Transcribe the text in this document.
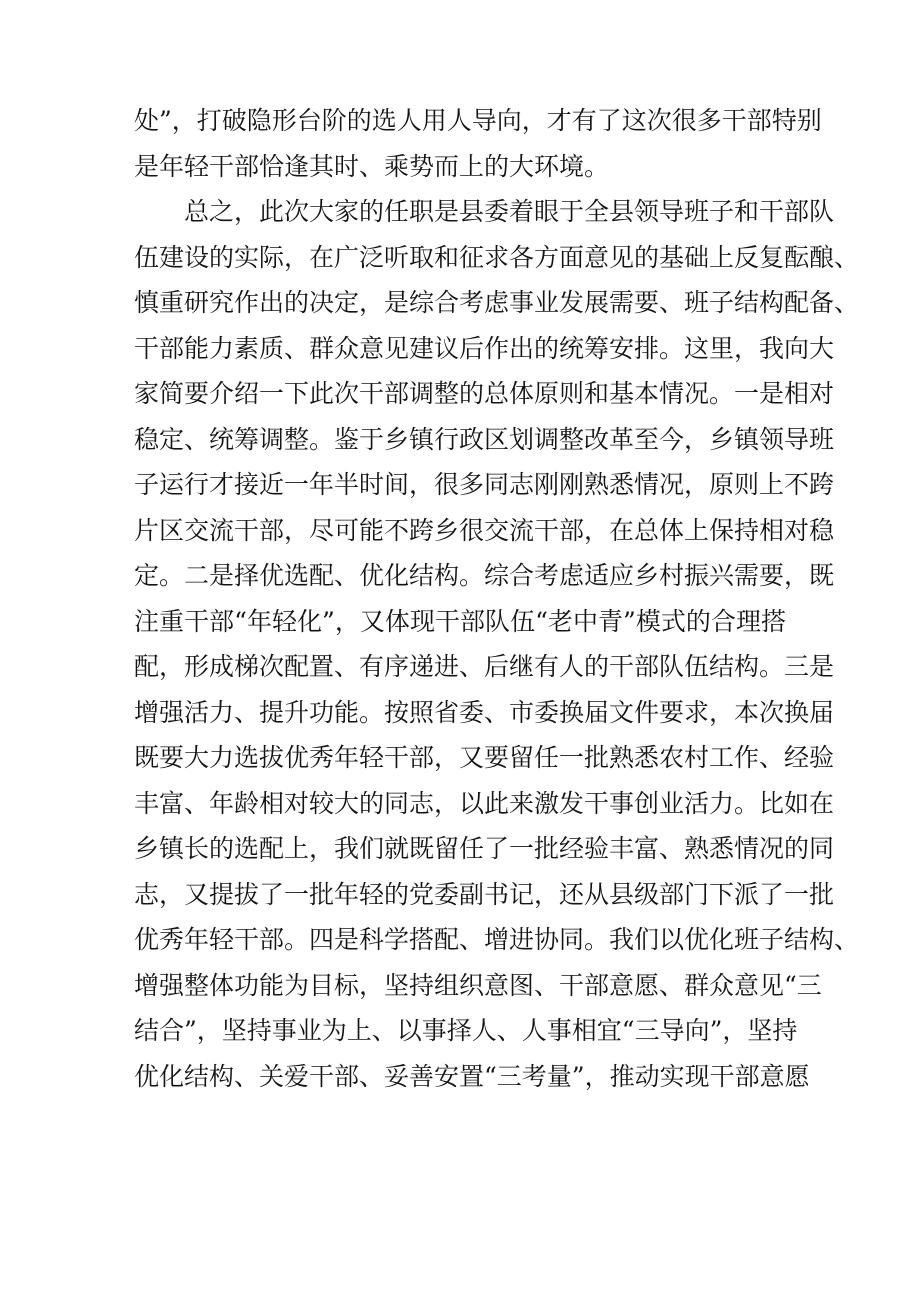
处”，打破隐形台阶的选人用人导向，才有了这次很多干部特别
是年轻干部恰逢其时、乘势而上的大环境。
总之，此次大家的任职是县委着眼于全县领导班子和干部队
伍建设的实际，在广泛听取和征求各方面意见的基础上反复酝酿、
慎重研究作出的决定，是综合考虑事业发展需要、班子结构配备、
干部能力素质、群众意见建议后作出的统筹安排。这里，我向大
家简要介绍一下此次干部调整的总体原则和基本情况。一是相对
稳定、统筹调整。鉴于乡镇行政区划调整改革至今，乡镇领导班
子运行才接近一年半时间，很多同志刚刚熟悉情况，原则上不跨
片区交流干部，尽可能不跨乡很交流干部，在总体上保持相对稳
定。二是择优选配、优化结构。综合考虑适应乡村振兴需要，既
注重干部“年轻化”，又体现干部队伍“老中青”模式的合理搭
配，形成梯次配置、有序递进、后继有人的干部队伍结构。三是
增强活力、提升功能。按照省委、市委换届文件要求，本次换届
既要大力选拔优秀年轻干部，又要留任一批熟悉农村工作、经验
丰富、年龄相对较大的同志，以此来激发干事创业活力。比如在
乡镇长的选配上，我们就既留任了一批经验丰富、熟悉情况的同
志，又提拔了一批年轻的党委副书记，还从县级部门下派了一批
优秀年轻干部。四是科学搭配、增进协同。我们以优化班子结构、
增强整体功能为目标，坚持组织意图、干部意愿、群众意见“三
结合”，坚持事业为上、以事择人、人事相宜“三导向”，坚持
优化结构、关爱干部、妥善安置“三考量”，推动实现干部意愿
